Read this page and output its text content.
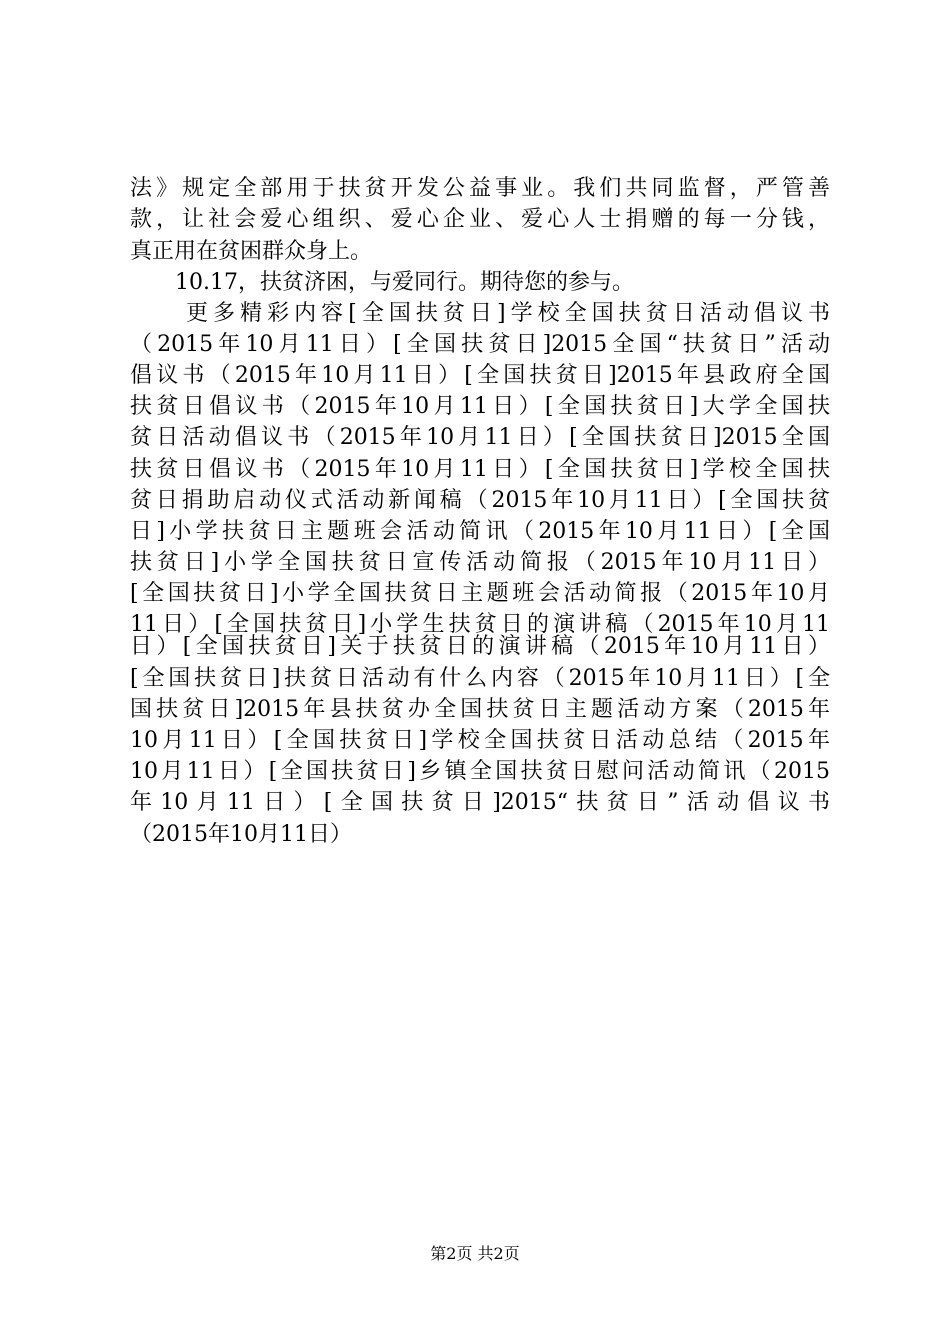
法》规定全部用于扶贫开发公益事业。我们共同监督，严管善
款，让社会爱心组织、爱心企业、爱心人士捐赠的每一分钱，
真正用在贫困群众身上。
10.17，扶贫济困，与爱同行。期待您的参与。
更多精彩内容[全国扶贫日]学校全国扶贫日活动倡议书
（2015年10月11日）[全国扶贫日]2015全国“扶贫日”活动
倡议书（2015年10月11日）[全国扶贫日]2015年县政府全国
扶贫日倡议书（2015年10月11日）[全国扶贫日]大学全国扶
贫日活动倡议书（2015年10月11日）[全国扶贫日]2015全国
扶贫日倡议书（2015年10月11日）[全国扶贫日]学校全国扶
贫日捐助启动仪式活动新闻稿（2015年10月11日）[全国扶贫
日]小学扶贫日主题班会活动简讯（2015年10月11日）[全国
扶贫日]小学全国扶贫日宣传活动简报（2015年10月11日）
[全国扶贫日]小学全国扶贫日主题班会活动简报（2015年10月
11日）[全国扶贫日]小学生扶贫日的演讲稿（2015年10月11
日）[全国扶贫日]关于扶贫日的演讲稿（2015年10月11日）
[全国扶贫日]扶贫日活动有什么内容（2015年10月11日）[全
国扶贫日]2015年县扶贫办全国扶贫日主题活动方案（2015年
10月11日）[全国扶贫日]学校全国扶贫日活动总结（2015年
10月11日）[全国扶贫日]乡镇全国扶贫日慰问活动简讯（2015
年10月11日）[全国扶贫日]2015“扶贫日”活动倡议书
（2015年10月11日）
第2页 共2页
